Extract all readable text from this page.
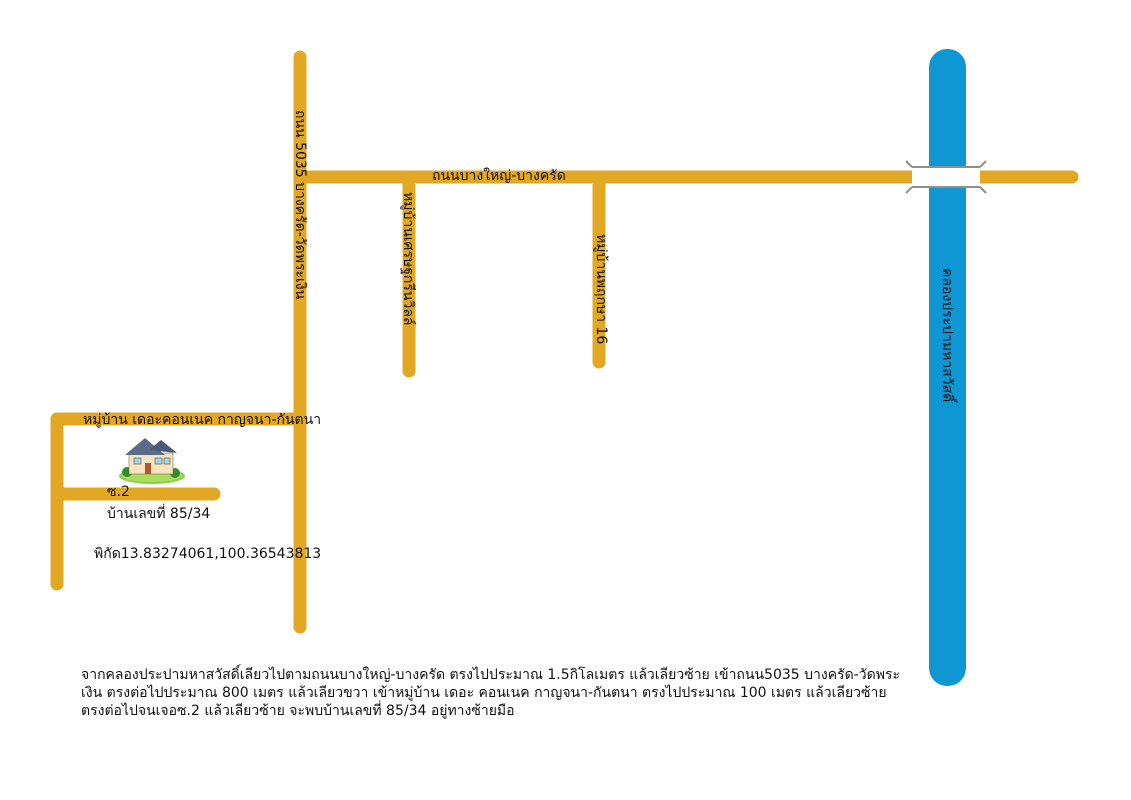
ถนนบางใหญ่-บางครัด
หมู่บ้าน เดอะคอนเนค กาญจนา-กันตนา
ซ.2
บ้านเลขที่ 85/34
พิกัด13.83274061,100.36543813
ถนน 5035 บางครัด-วัดพระเงิน	หมู่บ้านเศรษฐกรีนวิลล์	หมู่บ้านพฤกษา 16	คลองประปามหาสวัสดิ์
จากคลองประปามหาสวัสดิ์เลียวไปตามถนนบางใหญ่-บางครัด ตรงไปประมาณ 1.5กิโลเมตร แล้วเลียวซ้าย เข้าถนน5035 บางครัด-วัดพระเงิน ตรงต่อไปประมาณ 800 เมตร แล้วเลียวขวา เข้าหมู่บ้าน เดอะ คอนเนค กาญจนา-กันตนา ตรงไปประมาณ 100 เมตร แล้วเลียวซ้าย ตรงต่อไปจนเจอซ.2 แล้วเลียวซ้าย จะพบบ้านเลขที่ 85/34 อยู่ทางซ้ายมือ
